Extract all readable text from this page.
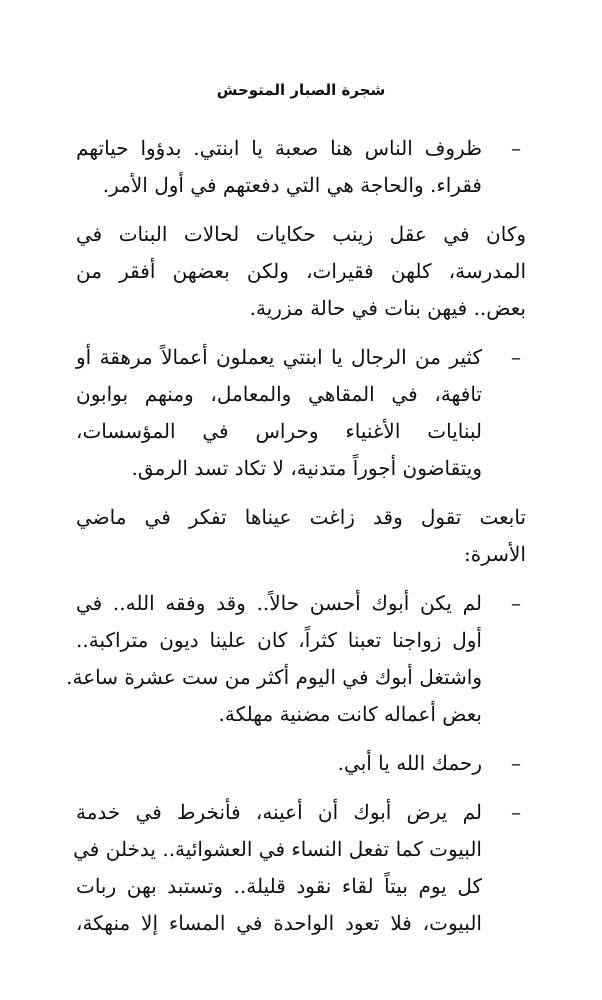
شجرة الصبار المتوحش
–
ظروف الناس هنا صعبة يا ابنتي. بدؤوا حياتهم
فقراء. والحاجة هي التي دفعتهم في أول الأمر.
وكان في عقل زينب حكايات لحالات البنات في
المدرسة، كلهن فقيرات، ولكن بعضهن أفقر من
بعض.. فيهن بنات في حالة مزرية.
–
كثير من الرجال يا ابنتي يعملون أعمالاً مرهقة أو
تافهة، في المقاهي والمعامل، ومنهم بوابون
لبنايات الأغنياء وحراس في المؤسسات،
ويتقاضون أجوراً متدنية، لا تكاد تسد الرمق.
تابعت تقول وقد زاغت عيناها تفكر في ماضي
الأسرة:
–
لم يكن أبوك أحسن حالاً.. وقد وفقه الله.. في
أول زواجنا تعبنا كثراً، كان علينا ديون متراكبة..
واشتغل أبوك في اليوم أكثر من ست عشرة ساعة.
بعض أعماله كانت مضنية مهلكة.
–
رحمك الله يا أبي.
–
لم يرض أبوك أن أعينه، فأنخرط في خدمة
البيوت كما تفعل النساء في العشوائية.. يدخلن في
كل يوم بيتاً لقاء نقود قليلة.. وتستبد بهن ربات
البيوت، فلا تعود الواحدة في المساء إلا منهكة،
